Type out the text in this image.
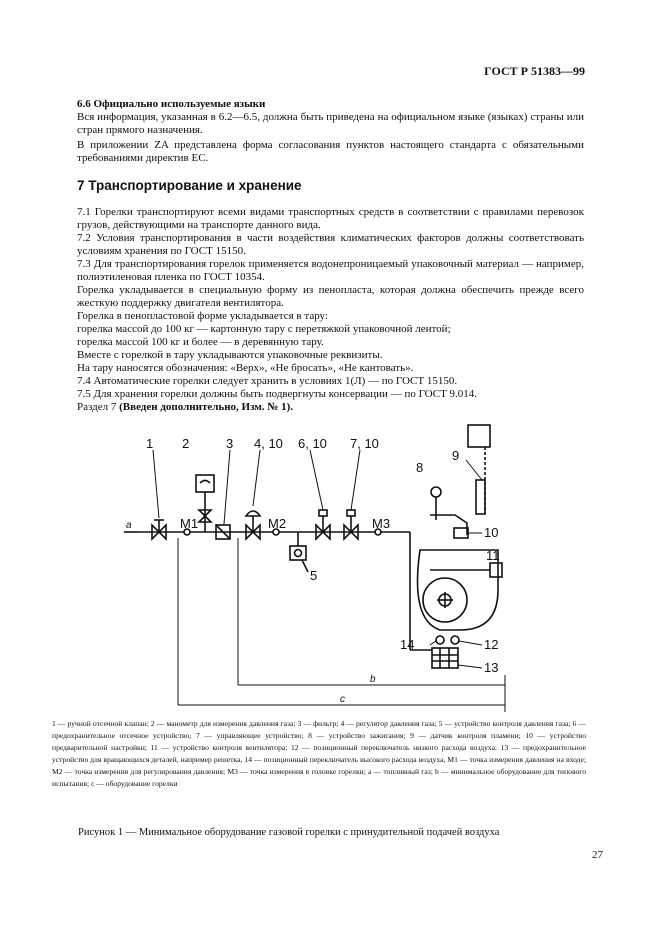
ГОСТ Р 51383—99
6.6 Официально используемые языки

Вся информация, указанная в 6.2—6.5, должна быть приведена на официальном языке (языках) страны или стран прямого назначения.

В приложении ZA представлена форма согласования пунктов настоящего стандарта с обязательными требованиями директив ЕС.

7 Транспортирование и хранение

7.1 Горелки транспортируют всеми видами транспортных средств в соответствии с правилами перевозок грузов, действующими на транспорте данного вида.

7.2 Условия транспортирования в части воздействия климатических факторов должны соответствовать условиям хранения по ГОСТ 15150.

7.3 Для транспортирования горелок применяется водонепроницаемый упаковочный материал — например, полиэтиленовая пленка по ГОСТ 10354.

Горелка укладывается в специальную форму из пенопласта, которая должна обеспечить прежде всего жесткую поддержку двигателя вентилятора.

Горелка в пенопластовой форме укладывается в тару:

горелка массой до 100 кг — картонную тару с перетяжкой упаковочной лентой;

горелка массой 100 кг и более — в деревянную тару.

Вместе с горелкой в тару укладываются упаковочные реквизиты.

На тару наносятся обозначения: «Верх», «Не бросать», «Не кантовать».

7.4 Автоматические горелки следует хранить в условиях 1(Л) — по ГОСТ 15150.

7.5 Для хранения горелки должны быть подвергнуты консервации — по ГОСТ 9.014.

Раздел 7 (Введен дополнительно, Изм. № 1).

1 2	3 4, 10 6, 10 7, 10
8
9
10
11
12
13
14
5
М1	М2	М3
a
b
c
1 — ручной отсечной клапан; 2 — манометр для измерения давления газа; 3 — фильтр; 4 — регулятор давления газа; 5 — устройство контроля давления газа; 6 — предохранительное отсечное устройство; 7 — управляющее устройство; 8 — устройство зажигания; 9 — датчик контроля пламени; 10 — устройство предварительной настройки; 11 — устройство контроля вентилятора; 12 — позиционный переключатель низкого расхода воздуха; 13 — предохранительное устройство для вращающихся деталей, например решетка, 14 — позиционный переключатель высокого расхода воздуха, M1 — точка измерения давления на входе; M2 — точка измерения для регулирования давления; M3 — точка измерения в головке горелки; a — топливный газ; b — минимальное оборудование для типового испытания; c — оборудование горелки
Рисунок 1 — Минимальное оборудование газовой горелки с принудительной подачей воздуха
27
